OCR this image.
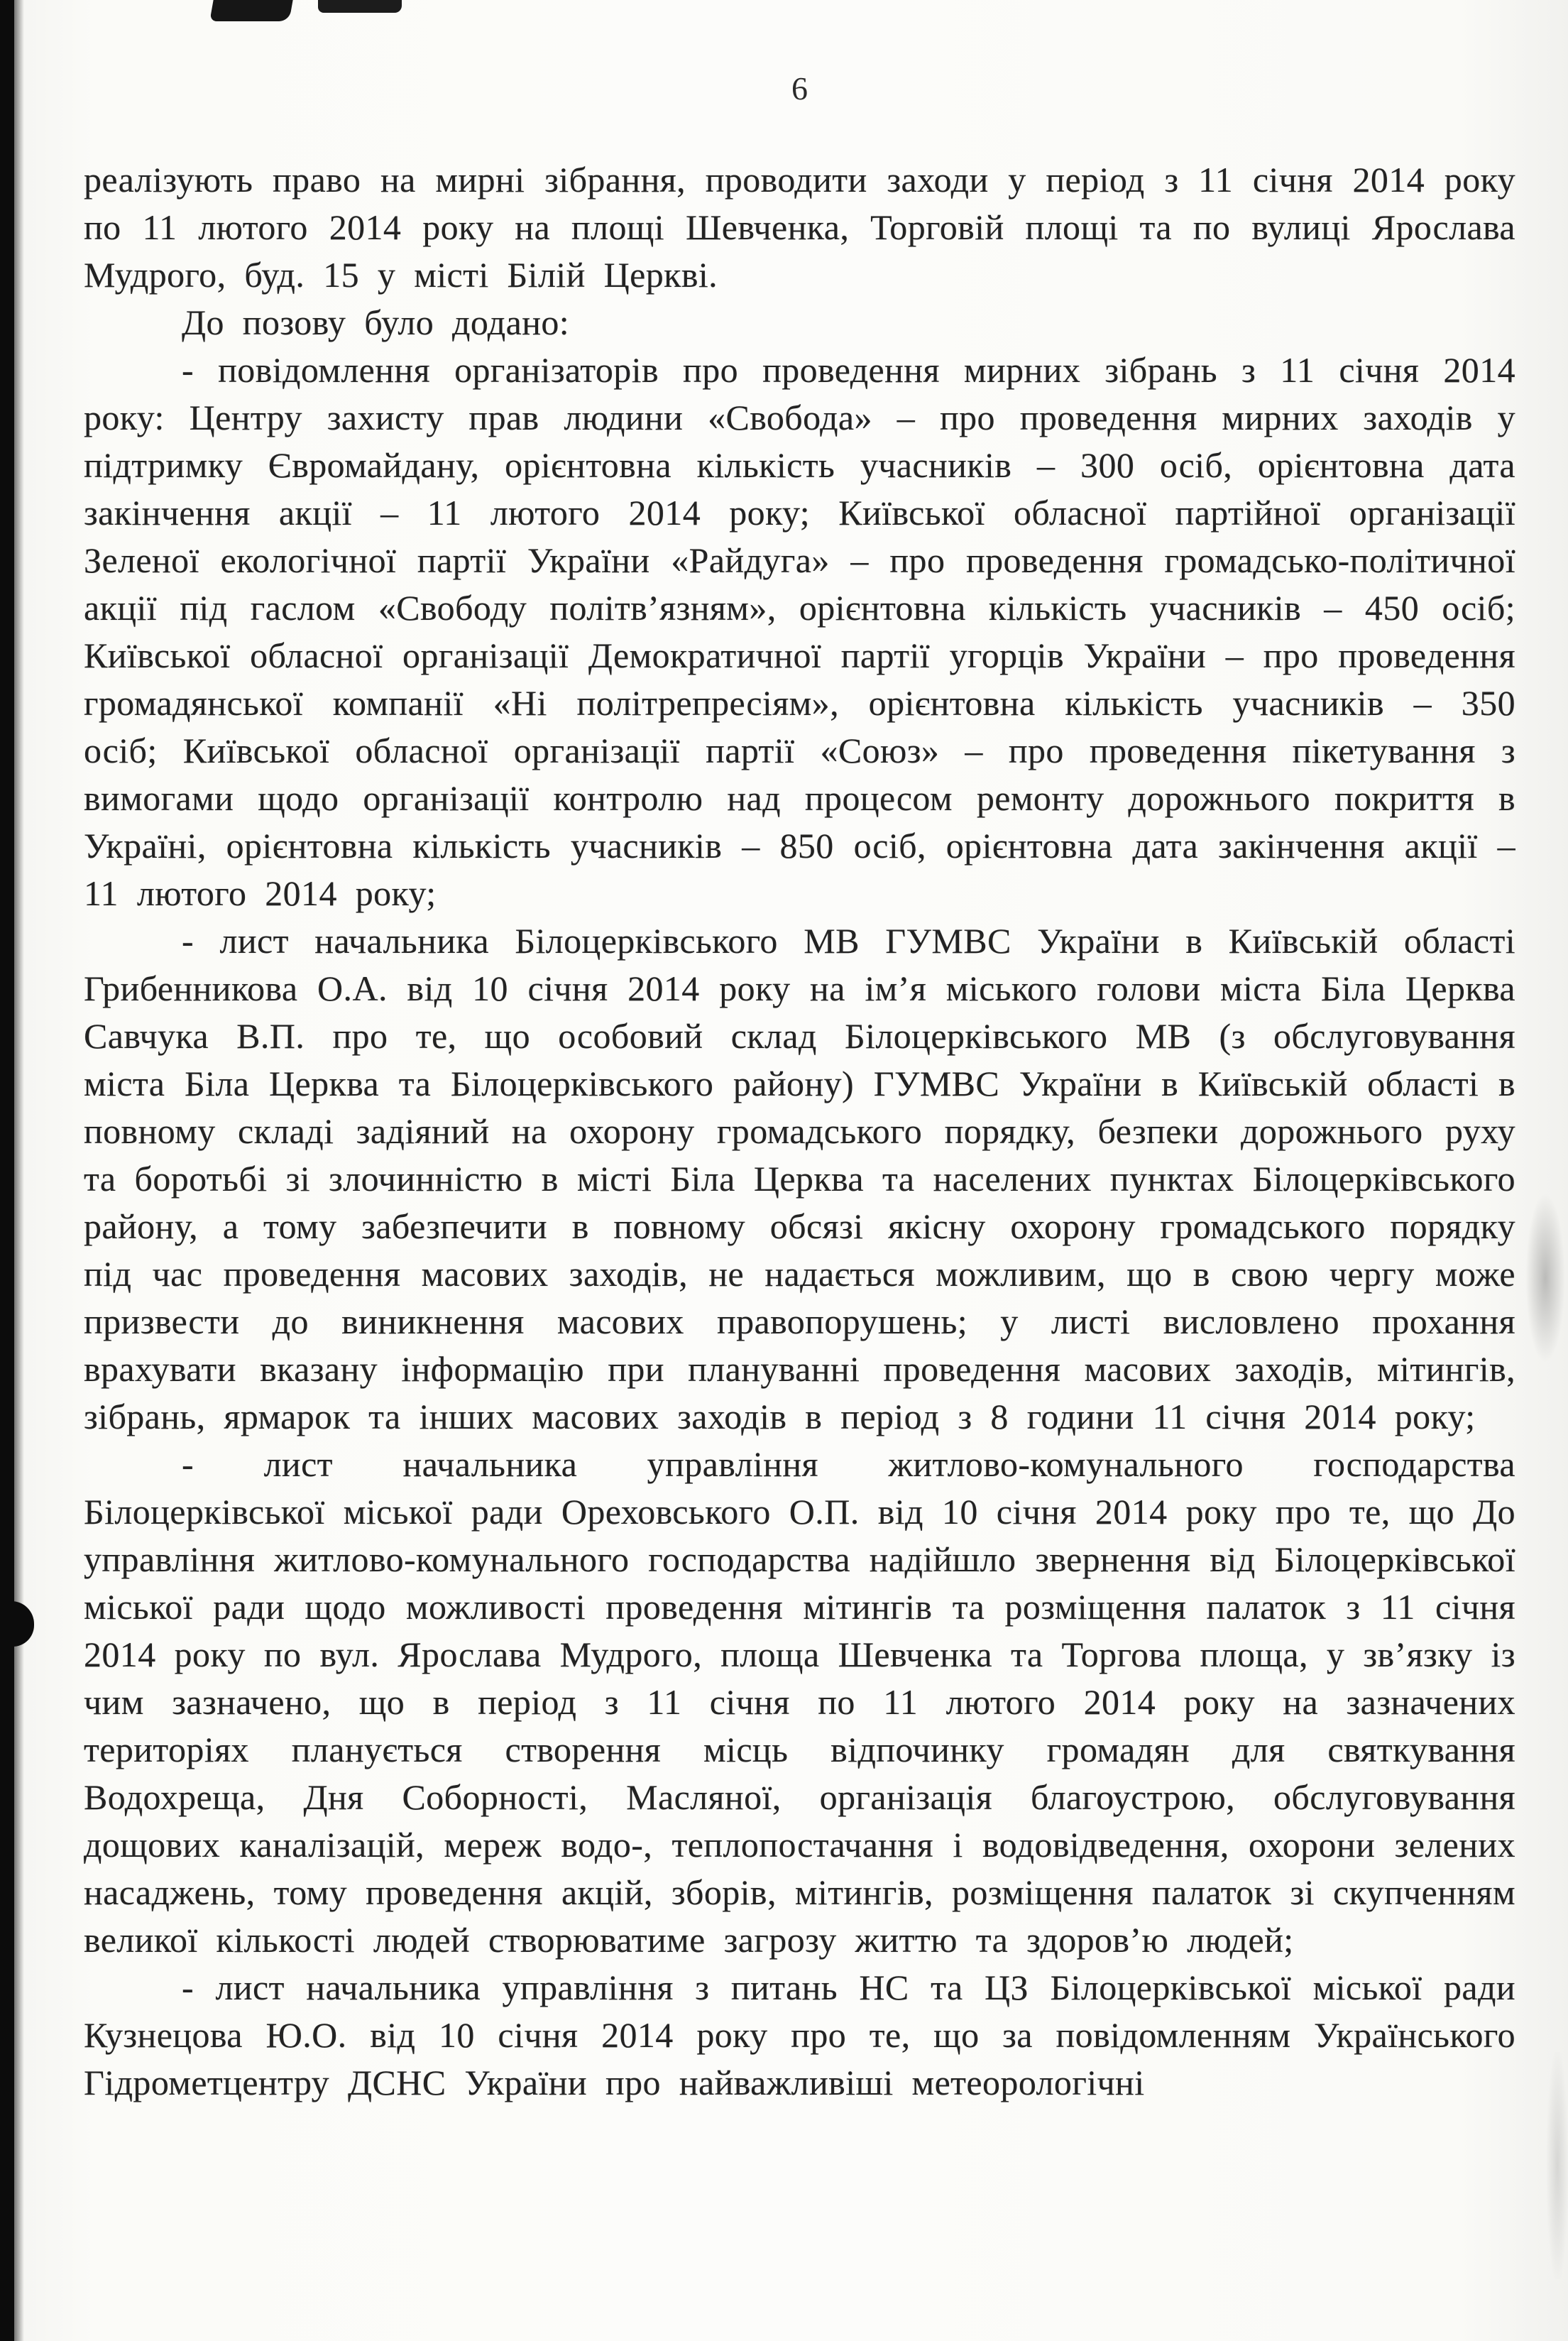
6

реалізують право на мирні зібрання, проводити заходи у період з 11 січня 2014 року по 11 лютого 2014 року на площі Шевченка, Торговій площі та по вулиці Ярослава Мудрого, буд. 15 у місті Білій Церкві.

До позову було додано:

- повідомлення організаторів про проведення мирних зібрань з 11 січня 2014 року: Центру захисту прав людини «Свобода» – про проведення мирних заходів у підтримку Євромайдану, орієнтовна кількість учасників – 300 осіб, орієнтовна дата закінчення акції – 11 лютого 2014 року; Київської обласної партійної організації Зеленої екологічної партії України «Райдуга» – про проведення громадсько-політичної акції під гаслом «Свободу політв’язням», орієнтовна кількість учасників – 450 осіб; Київської обласної організації Демократичної партії угорців України – про проведення громадянської компанії «Ні політрепресіям», орієнтовна кількість учасників – 350 осіб; Київської обласної організації партії «Союз» – про проведення пікетування з вимогами щодо організації контролю над процесом ремонту дорожнього покриття в Україні, орієнтовна кількість учасників – 850 осіб, орієнтовна дата закінчення акції – 11 лютого 2014 року;

- лист начальника Білоцерківського МВ ГУМВС України в Київській області Грибенникова О.А. від 10 січня 2014 року на ім’я міського голови міста Біла Церква Савчука В.П. про те, що особовий склад Білоцерківського МВ (з обслуговування міста Біла Церква та Білоцерківського району) ГУМВС України в Київській області в повному складі задіяний на охорону громадського порядку, безпеки дорожнього руху та боротьбі зі злочинністю в місті Біла Церква та населених пунктах Білоцерківського району, а тому забезпечити в повному обсязі якісну охорону громадського порядку під час проведення масових заходів, не надається можливим, що в свою чергу може призвести до виникнення масових правопорушень; у листі висловлено прохання врахувати вказану інформацію при плануванні проведення масових заходів, мітингів, зібрань, ярмарок та інших масових заходів в період з 8 години 11 січня 2014 року;

- лист начальника управління житлово-комунального господарства Білоцерківської міської ради Ореховського О.П. від 10 січня 2014 року про те, що До управління житлово-комунального господарства надійшло звернення від Білоцерківської міської ради щодо можливості проведення мітингів та розміщення палаток з 11 січня 2014 року по вул. Ярослава Мудрого, площа Шевченка та Торгова площа, у зв’язку із чим зазначено, що в період з 11 січня по 11 лютого 2014 року на зазначених територіях планується створення місць відпочинку громадян для святкування Водохреща, Дня Соборності, Масляної, організація благоустрою, обслуговування дощових каналізацій, мереж водо-, теплопостачання і водовідведення, охорони зелених насаджень, тому проведення акцій, зборів, мітингів, розміщення палаток зі скупченням великої кількості людей створюватиме загрозу життю та здоров’ю людей;

- лист начальника управління з питань НС та ЦЗ Білоцерківської міської ради Кузнецова Ю.О. від 10 січня 2014 року про те, що за повідомленням Українського Гідрометцентру ДСНС України про найважливіші метеорологічні
